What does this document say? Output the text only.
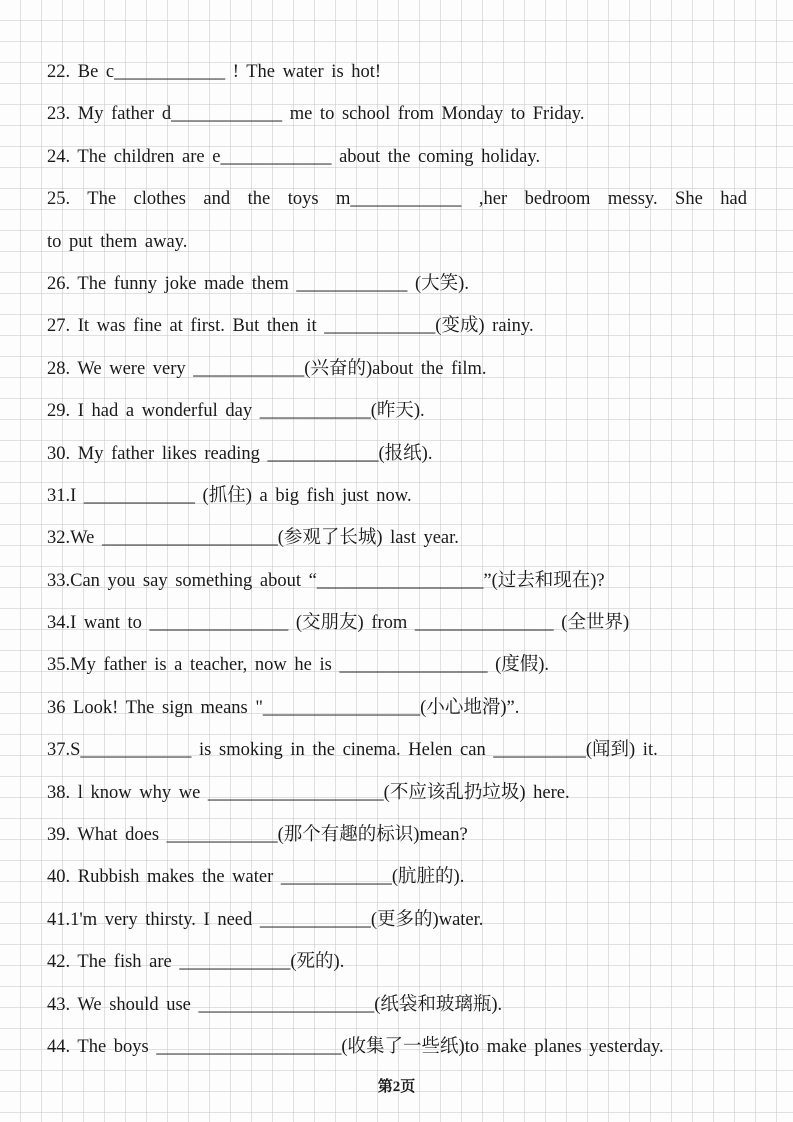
22. Be c____________ ! The water is hot!
23. My father d____________ me to school from Monday to Friday.
24. The children are e____________ about the coming holiday.
25. The clothes and the toys m____________ ,her bedroom messy. She had
to put them away.
26. The funny joke made them ____________ (大笑).
27. It was fine at first. But then it ____________(变成) rainy.
28. We were very ____________(兴奋的)about the film.
29. I had a wonderful day ____________(昨天).
30. My father likes reading ____________(报纸).
31.I ____________ (抓住) a big fish just now.
32.We ___________________(参观了长城) last year.
33.Can you say something about “__________________”(过去和现在)?
34.I want to _______________ (交朋友) from _______________ (全世界)
35.My father is a teacher, now he is ________________ (度假).
36 Look! The sign means "_________________(小心地滑)”.
37.S____________ is smoking in the cinema. Helen can __________(闻到) it.
38. l know why we ___________________(不应该乱扔垃圾) here.
39. What does ____________(那个有趣的标识)mean?
40. Rubbish makes the water ____________(肮脏的).
41.1'm very thirsty. I need ____________(更多的)water.
42. The fish are ____________(死的).
43. We should use ___________________(纸袋和玻璃瓶).
44. The boys ____________________(收集了一些纸)to make planes yesterday.
第2页
